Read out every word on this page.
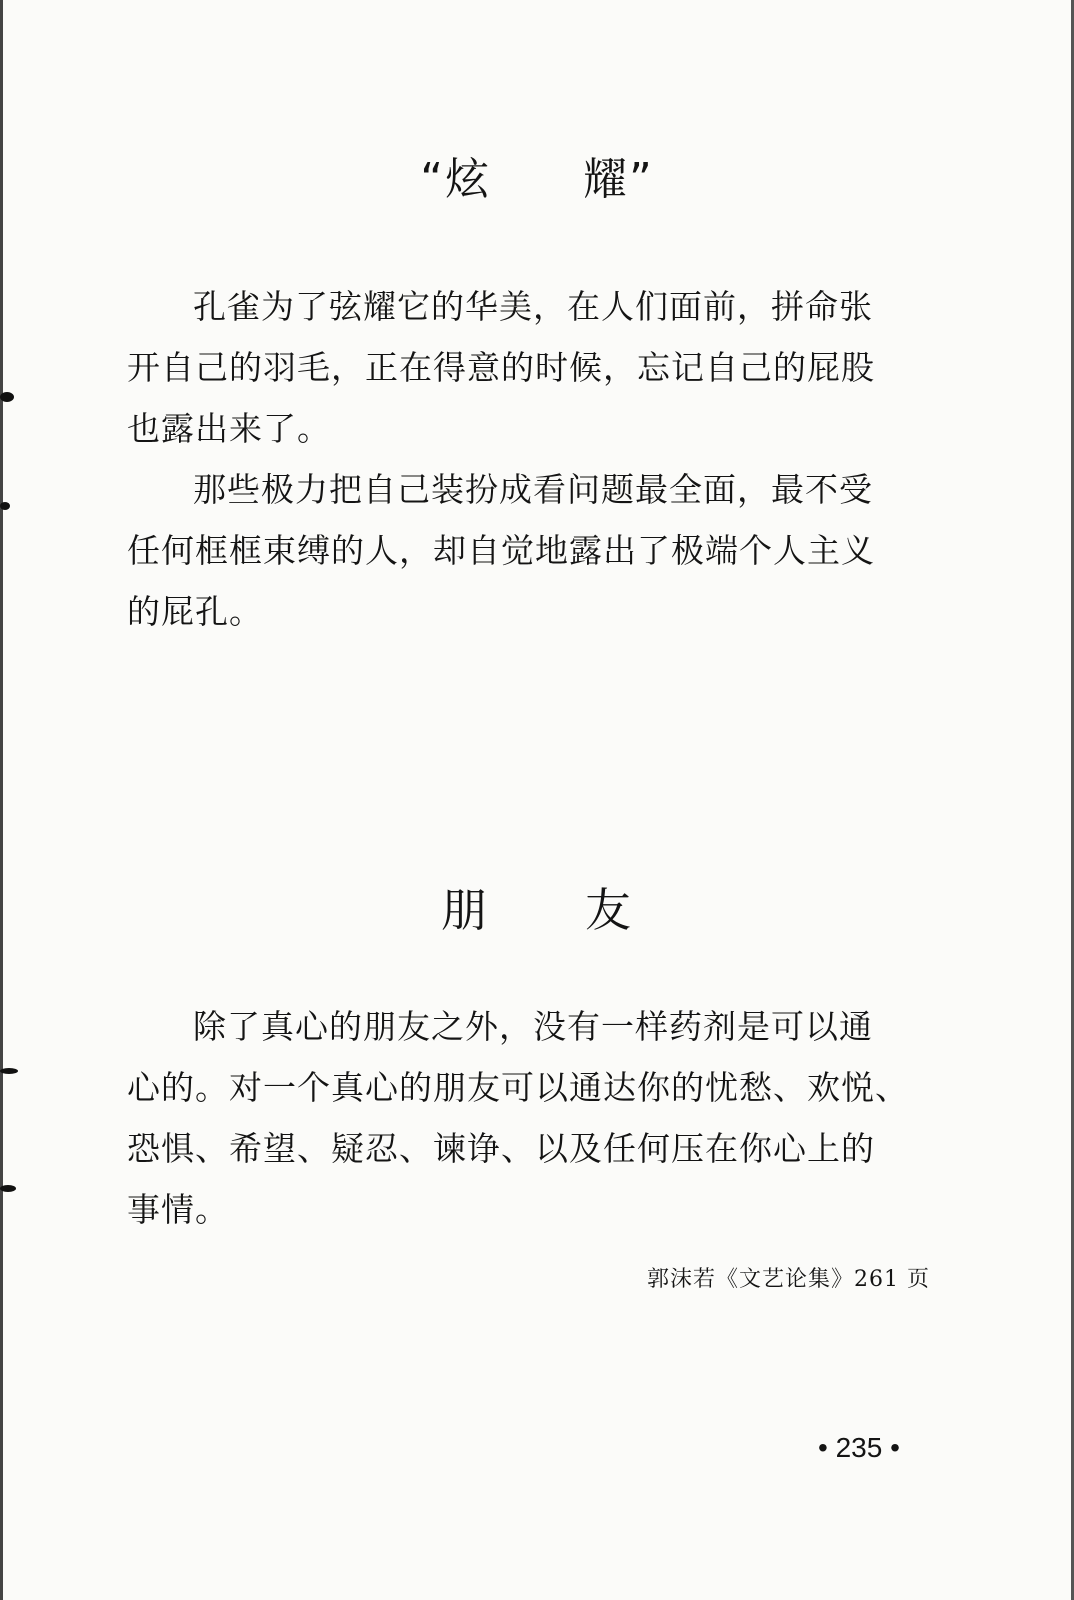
“炫　　耀”

孔雀为了弦耀它的华美，在人们面前，拼命张

开自己的羽毛，正在得意的时候，忘记自己的屁股

也露出来了。

那些极力把自己装扮成看问题最全面，最不受

任何框框束缚的人，却自觉地露出了极端个人主义

的屁孔。

朋　　友

除了真心的朋友之外，没有一样药剂是可以通

心的。对一个真心的朋友可以通达你的忧愁、欢悦、

恐惧、希望、疑忍、谏诤、以及任何压在你心上的

事情。

郭沫若《文艺论集》261 页

• 235 •
